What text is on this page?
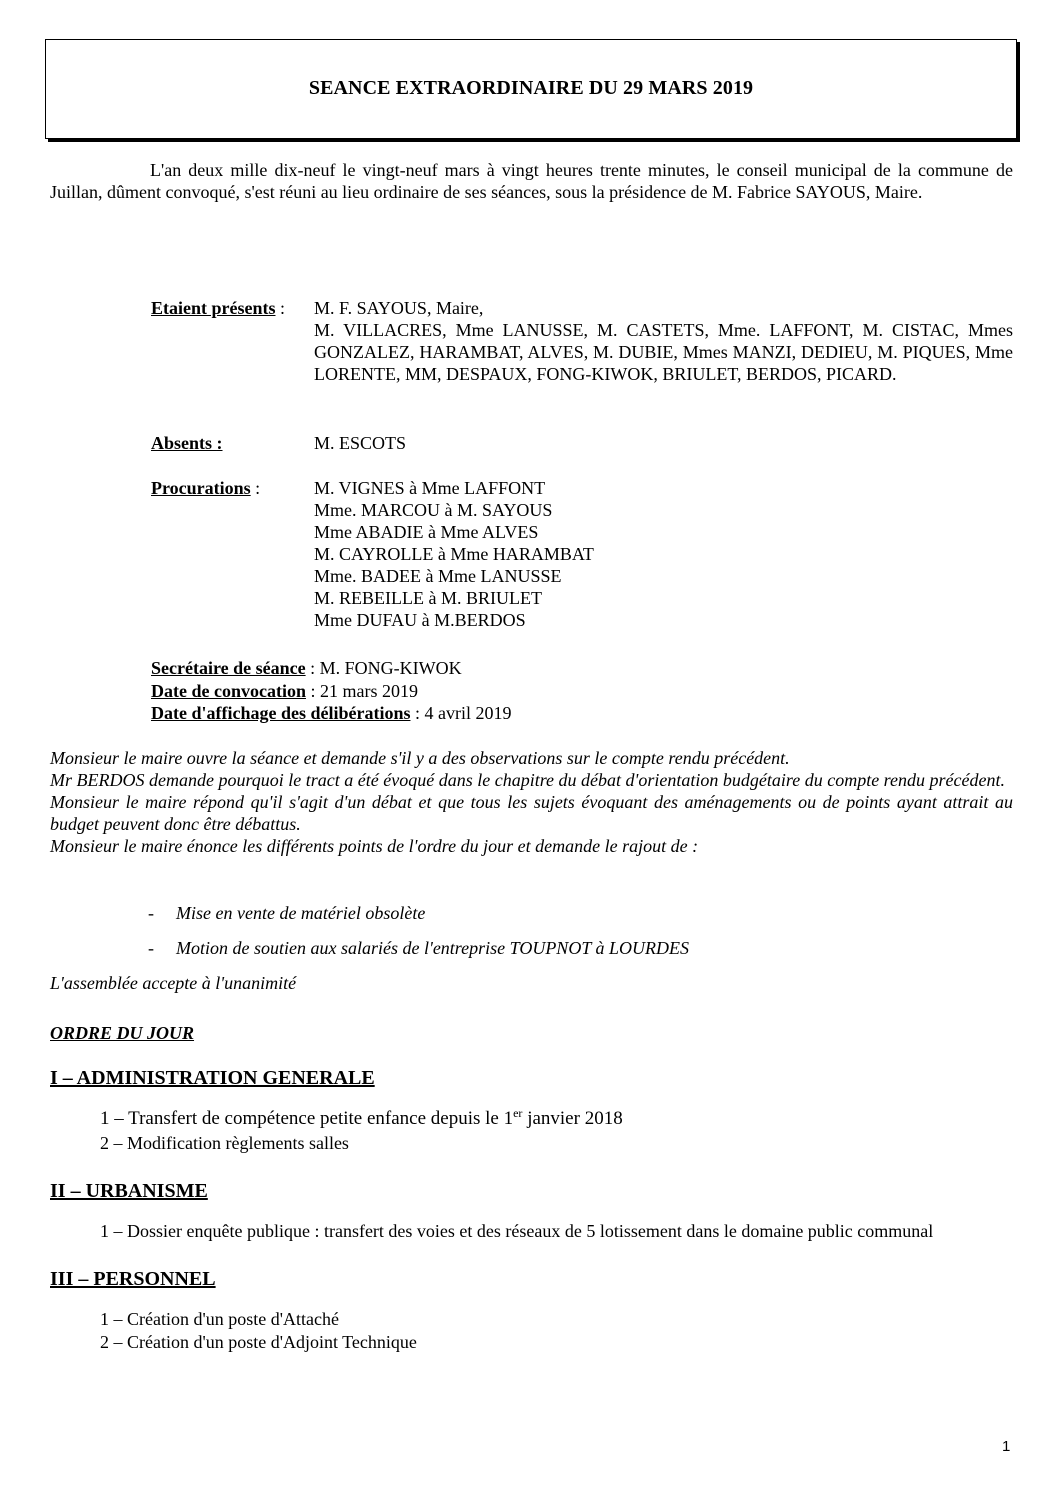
SEANCE EXTRAORDINAIRE DU 29 MARS 2019
L'an deux mille dix-neuf le vingt-neuf mars à vingt heures trente minutes, le conseil municipal de la commune de Juillan, dûment convoqué, s'est réuni au lieu ordinaire de ses séances, sous la présidence de M. Fabrice SAYOUS, Maire.
Etaient présents :	M. F. SAYOUS, Maire,
M. VILLACRES, Mme LANUSSE, M. CASTETS, Mme. LAFFONT, M. CISTAC, Mmes GONZALEZ, HARAMBAT, ALVES, M. DUBIE, Mmes MANZI, DEDIEU, M. PIQUES, Mme LORENTE, MM, DESPAUX, FONG-KIWOK, BRIULET, BERDOS, PICARD.
Absents :	M. ESCOTS
Procurations :	M. VIGNES à Mme LAFFONT
Mme. MARCOU à M. SAYOUS
Mme ABADIE à Mme ALVES
M. CAYROLLE à Mme HARAMBAT
Mme. BADEE à Mme LANUSSE
M. REBEILLE à M. BRIULET
Mme DUFAU à M.BERDOS
Secrétaire de séance : M. FONG-KIWOK
Date de convocation : 21 mars 2019
Date d'affichage des délibérations : 4 avril 2019

Monsieur le maire ouvre la séance et demande s'il y a des observations sur le compte rendu précédent.

Mr BERDOS demande pourquoi le tract a été évoqué dans le chapitre du débat d'orientation budgétaire du compte rendu précédent.

Monsieur le maire répond qu'il s'agit d'un débat et que tous les sujets évoquant des aménagements ou de points ayant attrait au budget peuvent donc être débattus.

Monsieur le maire énonce les différents points de l'ordre du jour et demande le rajout de :

- Mise en vente de matériel obsolète
- Motion de soutien aux salariés de l'entreprise TOUPNOT à LOURDES
L'assemblée accepte à l'unanimité
ORDRE DU JOUR
I – ADMINISTRATION GENERALE
1 – Transfert de compétence petite enfance depuis le 1er janvier 2018
2 – Modification règlements salles
II – URBANISME
1 – Dossier enquête publique : transfert des voies et des réseaux de 5 lotissement dans le domaine public communal
III – PERSONNEL
1 – Création d'un poste d'Attaché
2 – Création d'un poste d'Adjoint Technique
1
